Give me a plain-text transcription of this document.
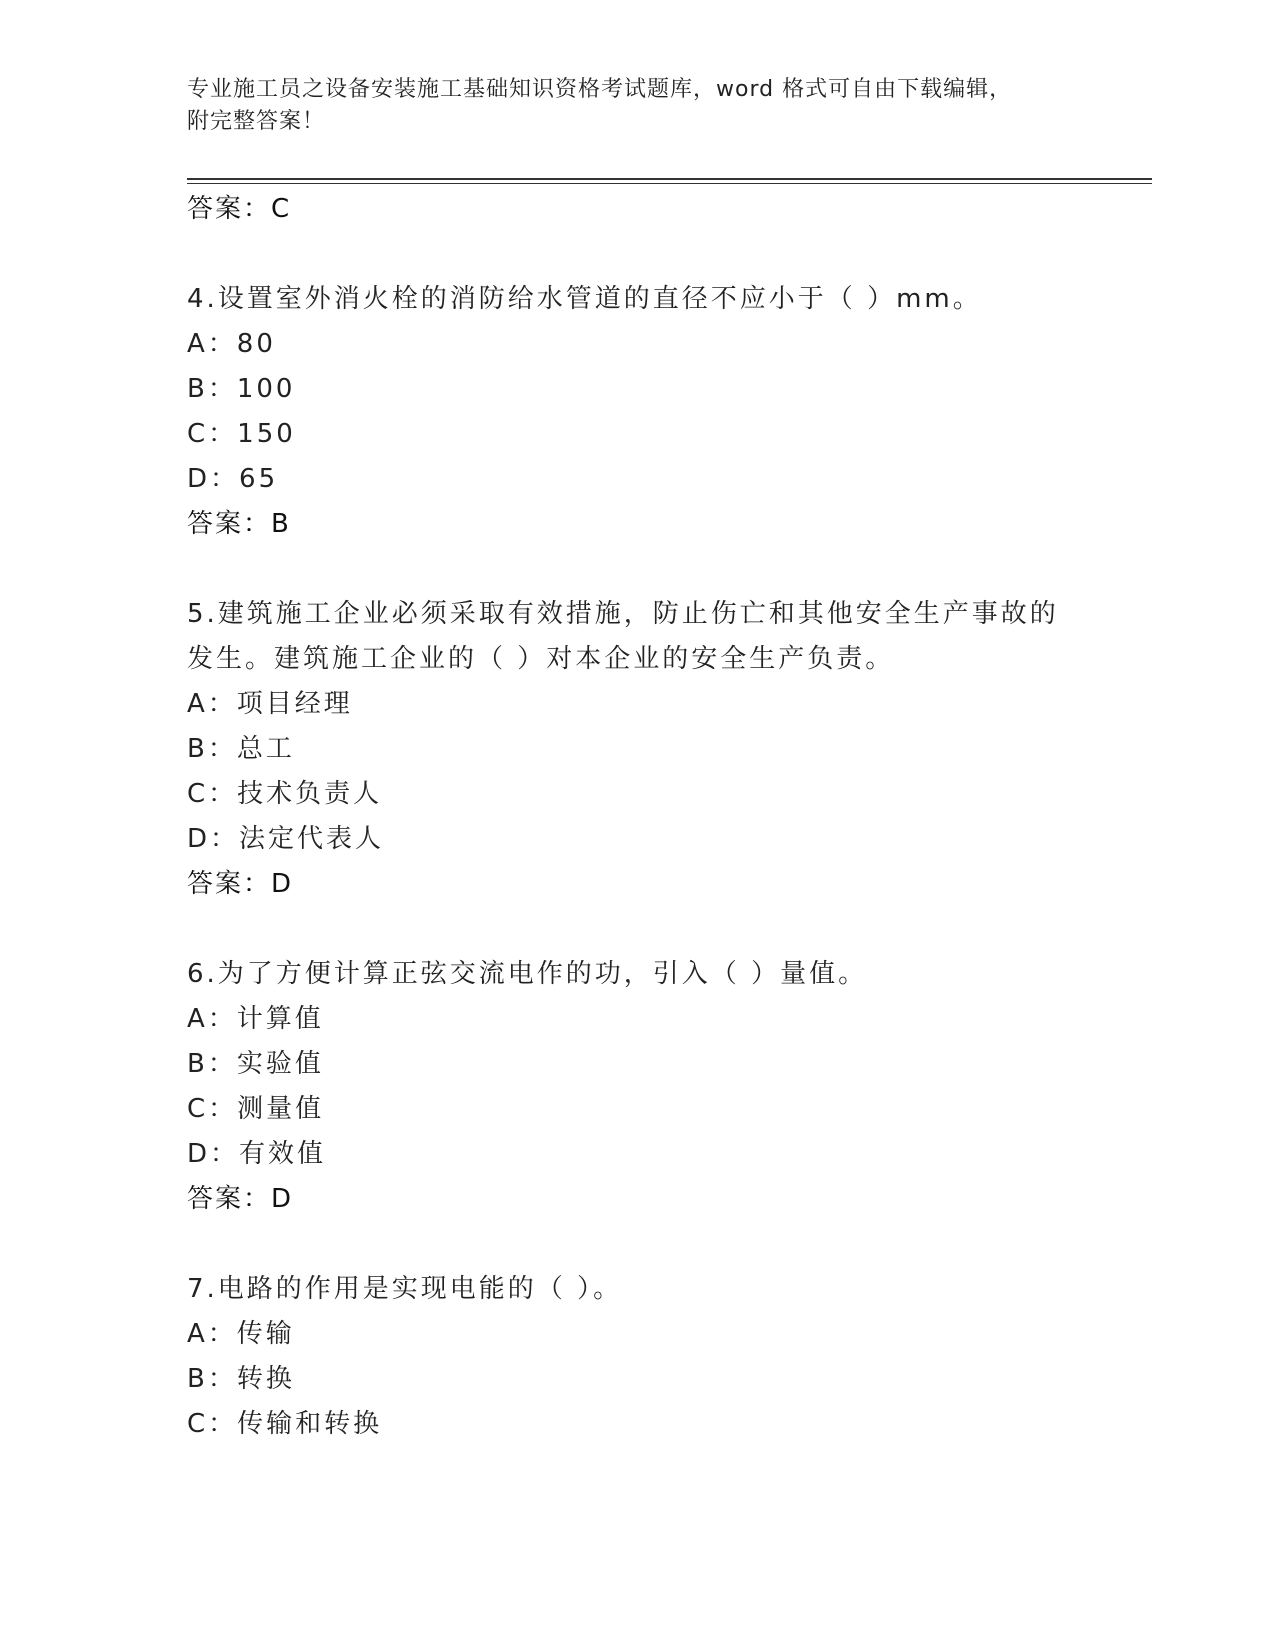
专业施工员之设备安装施工基础知识资格考试题库，word 格式可自由下载编辑，
附完整答案！
答案：C
4.设置室外消火栓的消防给水管道的直径不应小于（ ）mm。
A：80
B：100
C：150
D：65
答案：B
5.建筑施工企业必须采取有效措施，防止伤亡和其他安全生产事故的
发生。建筑施工企业的（ ）对本企业的安全生产负责。
A：项目经理
B：总工
C：技术负责人
D：法定代表人
答案：D
6.为了方便计算正弦交流电作的功，引入（ ）量值。
A：计算值
B：实验值
C：测量值
D：有效值
答案：D
7.电路的作用是实现电能的（ ）。
A：传输
B：转换
C：传输和转换
